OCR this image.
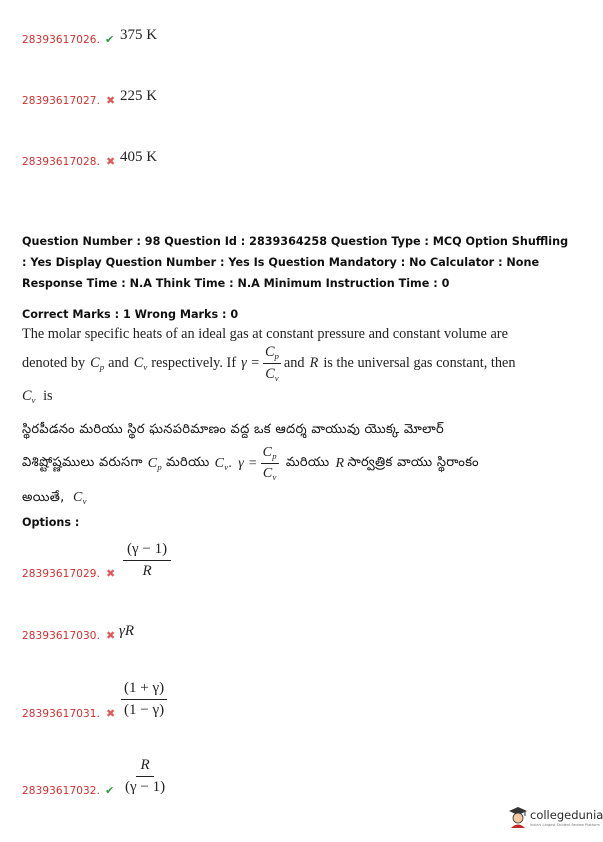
28393617026. ✔ 375 K
28393617027. ✖ 225 K
28393617028. ✖ 405 K
Question Number : 98 Question Id : 2839364258 Question Type : MCQ Option Shuffling : Yes Display Question Number : Yes Is Question Mandatory : No Calculator : None Response Time : N.A Think Time : N.A Minimum Instruction Time : 0
Correct Marks : 1 Wrong Marks : 0
The molar specific heats of an ideal gas at constant pressure and constant volume are
denoted by $C_p$ and $C_v$ respectively. If $\gamma = \frac{C_p}{C_v}$ and R is the universal gas constant, then
$C_v$ is
స్థిరపీడనం మరియు స్థిర ఘనపరిమాణం వద్ద ఒక ఆదర్శ వాయువు యొక్క మోలార్
విశిష్టోష్ణములు వరుసగా $C_p$ మరియు $C_v$. $\gamma = \frac{C_p}{C_v}$ మరియు R సార్వత్రిక వాయు స్థిరాంకం
అయితే, $C_v$
Options :
28393617029. ✖ $\frac{(\gamma - 1)}{R}$
28393617030. ✖ γR
28393617031. ✖ $\frac{(1 + \gamma)}{(1 - \gamma)}$
28393617032. ✔ $\frac{R}{(\gamma - 1)}$
collegedunia
India's Largest Student Review Platform
